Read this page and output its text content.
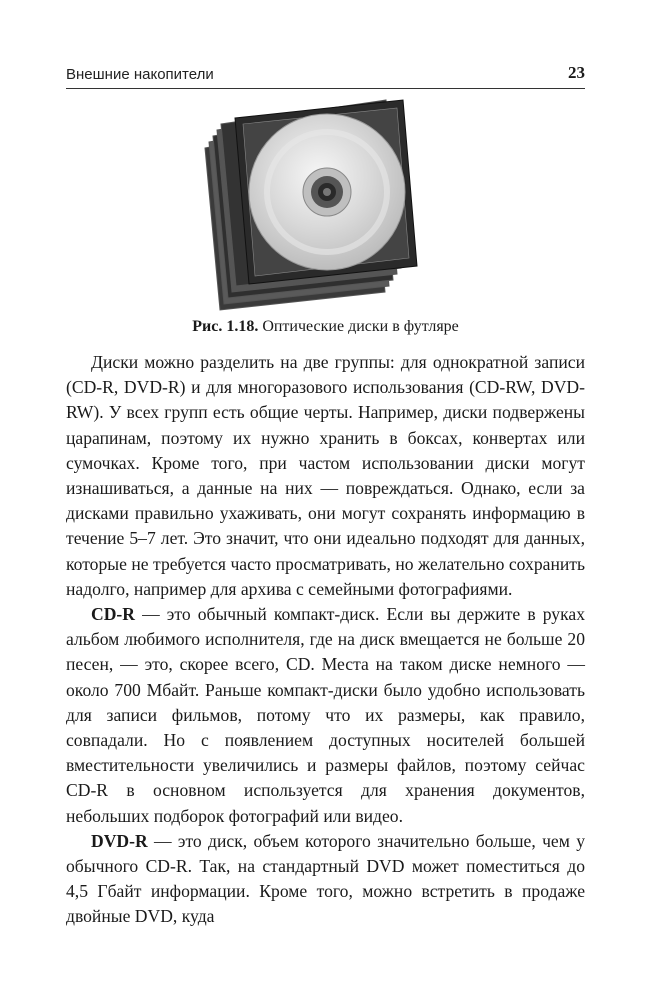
Внешние накопители	23
Рис. 1.18. Оптические диски в футляре

Диски можно разделить на две группы: для однократной записи (CD-R, DVD-R) и для многоразового использования (CD-RW, DVD-RW). У всех групп есть общие черты. Например, диски подвержены царапинам, поэтому их нужно хранить в боксах, конвертах или сумочках. Кроме того, при частом использовании диски могут изнашиваться, а данные на них — повреждаться. Однако, если за дисками правильно ухаживать, они могут сохранять информацию в течение 5–7 лет. Это значит, что они идеально подходят для данных, которые не требуется часто просматривать, но желательно сохранить надолго, например для архива с семейными фотографиями.

CD-R — это обычный компакт-диск. Если вы держите в руках альбом любимого исполнителя, где на диск вмещается не больше 20 песен, — это, скорее всего, CD. Места на таком диске немного — около 700 Мбайт. Раньше компакт-диски было удобно использовать для записи фильмов, потому что их размеры, как правило, совпадали. Но с появлением доступных носителей большей вместительности увеличились и размеры файлов, поэтому сейчас CD-R в основном используется для хранения документов, небольших подборок фотографий или видео.

DVD-R — это диск, объем которого значительно больше, чем у обычного CD-R. Так, на стандартный DVD может поместиться до 4,5 Гбайт информации. Кроме того, можно встретить в продаже двойные DVD, куда
